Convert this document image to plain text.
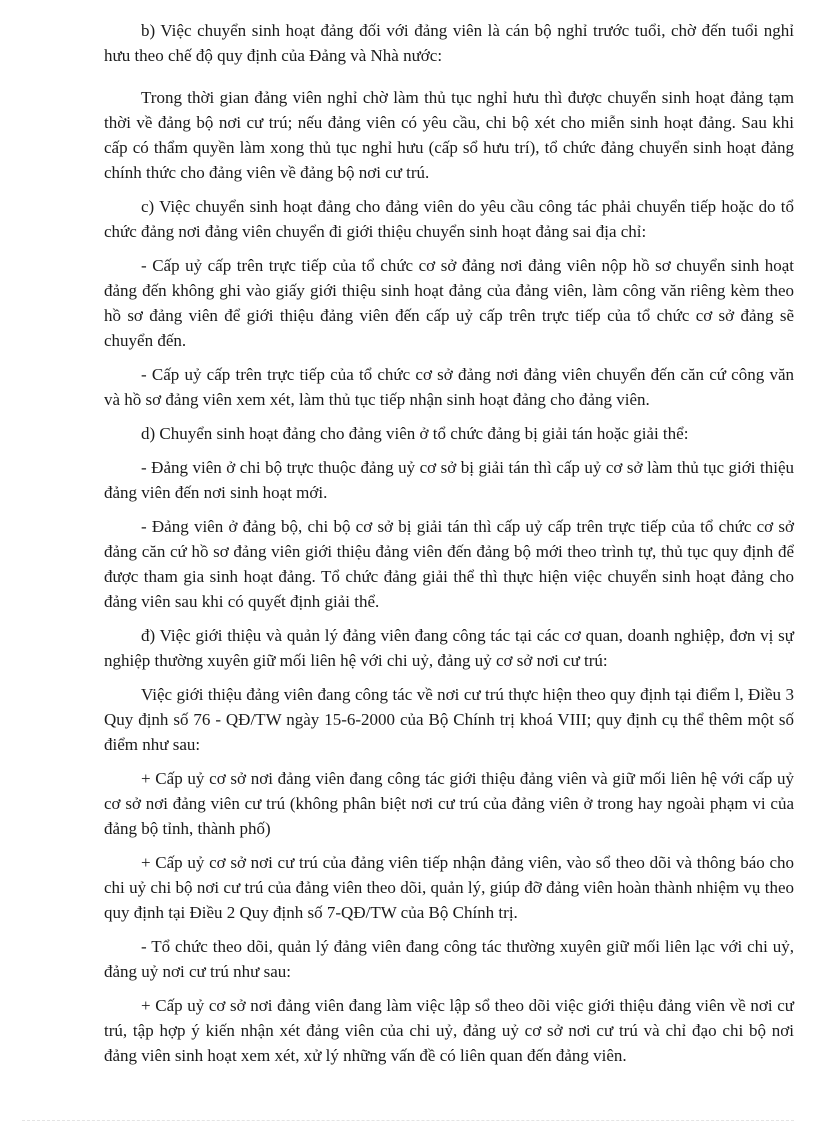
b) Việc chuyển sinh hoạt đảng đối với đảng viên là cán bộ nghỉ trước tuổi, chờ đến tuổi nghỉ hưu theo chế độ quy định của Đảng và Nhà nước:

Trong thời gian đảng viên nghỉ chờ làm thủ tục nghỉ hưu thì được chuyển sinh hoạt đảng tạm thời về đảng bộ nơi cư trú; nếu đảng viên có yêu cầu, chi bộ xét cho miễn sinh hoạt đảng. Sau khi cấp có thẩm quyền làm xong thủ tục nghỉ hưu (cấp sổ hưu trí), tổ chức đảng chuyển sinh hoạt đảng chính thức cho đảng viên về đảng bộ nơi cư trú.

c) Việc chuyển sinh hoạt đảng cho đảng viên do yêu cầu công tác phải chuyển tiếp hoặc do tổ chức đảng nơi đảng viên chuyển đi giới thiệu chuyển sinh hoạt đảng sai địa chỉ:

- Cấp uỷ cấp trên trực tiếp của tổ chức cơ sở đảng nơi đảng viên nộp hồ sơ chuyển sinh hoạt đảng đến không ghi vào giấy giới thiệu sinh hoạt đảng của đảng viên, làm công văn riêng kèm theo hồ sơ đảng viên để giới thiệu đảng viên đến cấp uỷ cấp trên trực tiếp của tổ chức cơ sở đảng sẽ chuyển đến.

- Cấp uỷ cấp trên trực tiếp của tổ chức cơ sở đảng nơi đảng viên chuyển đến căn cứ công văn và hồ sơ đảng viên xem xét, làm thủ tục tiếp nhận sinh hoạt đảng cho đảng viên.

d) Chuyển sinh hoạt đảng cho đảng viên ở tổ chức đảng bị giải tán hoặc giải thể:

- Đảng viên ở chi bộ trực thuộc đảng uỷ cơ sở bị giải tán thì cấp uỷ cơ sở làm thủ tục giới thiệu đảng viên đến nơi sinh hoạt mới.

- Đảng viên ở đảng bộ, chi bộ cơ sở bị giải tán thì cấp uỷ cấp trên trực tiếp của tổ chức cơ sở đảng căn cứ hồ sơ đảng viên giới thiệu đảng viên đến đảng bộ mới theo trình tự, thủ tục quy định để được tham gia sinh hoạt đảng. Tổ chức đảng giải thể thì thực hiện việc chuyển sinh hoạt đảng cho đảng viên sau khi có quyết định giải thể.

đ) Việc giới thiệu và quản lý đảng viên đang công tác tại các cơ quan, doanh nghiệp, đơn vị sự nghiệp thường xuyên giữ mối liên hệ với chi uỷ, đảng uỷ cơ sở nơi cư trú:

Việc giới thiệu đảng viên đang công tác về nơi cư trú thực hiện theo quy định tại điểm l, Điều 3 Quy định số 76 - QĐ/TW ngày 15-6-2000 của Bộ Chính trị khoá VIII; quy định cụ thể thêm một số điểm như sau:

+ Cấp uỷ cơ sở nơi đảng viên đang công tác giới thiệu đảng viên và giữ mối liên hệ với cấp uỷ cơ sở nơi đảng viên cư trú (không phân biệt nơi cư trú của đảng viên ở trong hay ngoài phạm vi của đảng bộ tỉnh, thành phố)

+ Cấp uỷ cơ sở nơi cư trú của đảng viên tiếp nhận đảng viên, vào sổ theo dõi và thông báo cho chi uỷ chi bộ nơi cư trú của đảng viên theo dõi, quản lý, giúp đỡ đảng viên hoàn thành nhiệm vụ theo quy định tại Điều 2 Quy định số 7-QĐ/TW của Bộ Chính trị.

- Tổ chức theo dõi, quản lý đảng viên đang công tác thường xuyên giữ mối liên lạc với chi uỷ, đảng uỷ nơi cư trú như sau:

+ Cấp uỷ cơ sở nơi đảng viên đang làm việc lập sổ theo dõi việc giới thiệu đảng viên về nơi cư trú, tập hợp ý kiến nhận xét đảng viên của chi uỷ, đảng uỷ cơ sở nơi cư trú và chỉ đạo chi bộ nơi đảng viên sinh hoạt xem xét, xử lý những vấn đề có liên quan đến đảng viên.
